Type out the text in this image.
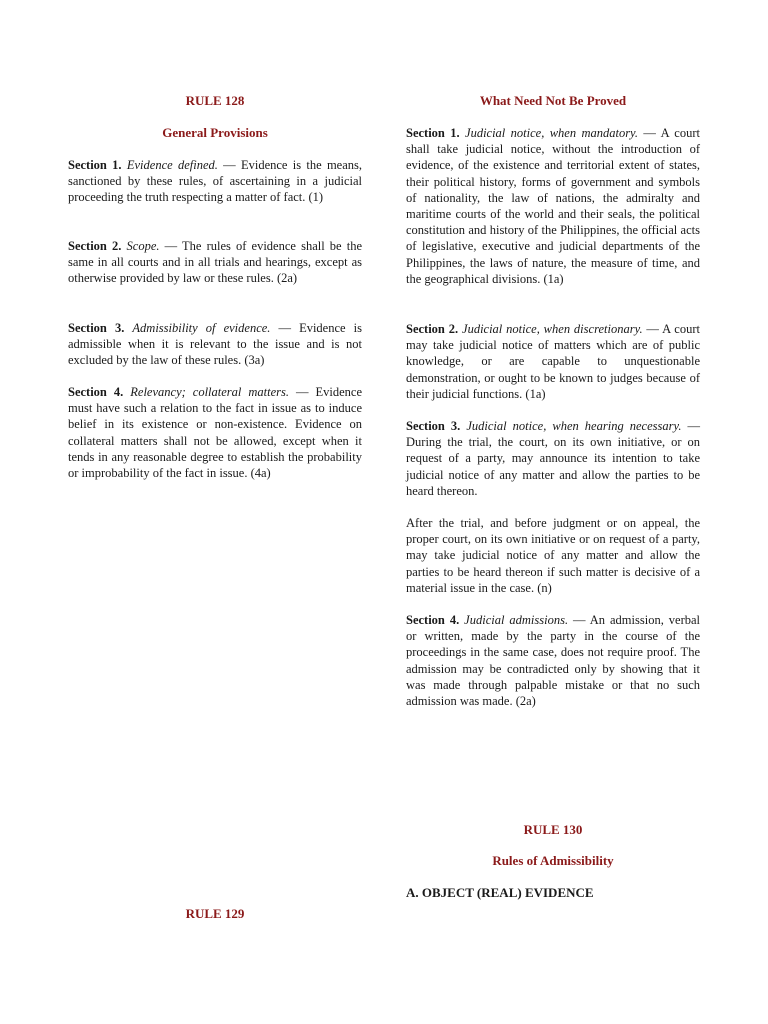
RULE 128
General Provisions

Section 1. Evidence defined. — Evidence is the means, sanctioned by these rules, of ascertaining in a judicial proceeding the truth respecting a matter of fact. (1)

Section 2. Scope. — The rules of evidence shall be the same in all courts and in all trials and hearings, except as otherwise provided by law or these rules. (2a)

Section 3. Admissibility of evidence. — Evidence is admissible when it is relevant to the issue and is not excluded by the law of these rules. (3a)

Section 4. Relevancy; collateral matters. — Evidence must have such a relation to the fact in issue as to induce belief in its existence or non-existence. Evidence on collateral matters shall not be allowed, except when it tends in any reasonable degree to establish the probability or improbability of the fact in issue. (4a)

RULE 129
What Need Not Be Proved

Section 1. Judicial notice, when mandatory. — A court shall take judicial notice, without the introduction of evidence, of the existence and territorial extent of states, their political history, forms of government and symbols of nationality, the law of nations, the admiralty and maritime courts of the world and their seals, the political constitution and history of the Philippines, the official acts of legislative, executive and judicial departments of the Philippines, the laws of nature, the measure of time, and the geographical divisions. (1a)

Section 2. Judicial notice, when discretionary. — A court may take judicial notice of matters which are of public knowledge, or are capable to unquestionable demonstration, or ought to be known to judges because of their judicial functions. (1a)

Section 3. Judicial notice, when hearing necessary. — During the trial, the court, on its own initiative, or on request of a party, may announce its intention to take judicial notice of any matter and allow the parties to be heard thereon.

After the trial, and before judgment or on appeal, the proper court, on its own initiative or on request of a party, may take judicial notice of any matter and allow the parties to be heard thereon if such matter is decisive of a material issue in the case. (n)

Section 4. Judicial admissions. — An admission, verbal or written, made by the party in the course of the proceedings in the same case, does not require proof. The admission may be contradicted only by showing that it was made through palpable mistake or that no such admission was made. (2a)

RULE 130
Rules of Admissibility
A. OBJECT (REAL) EVIDENCE
